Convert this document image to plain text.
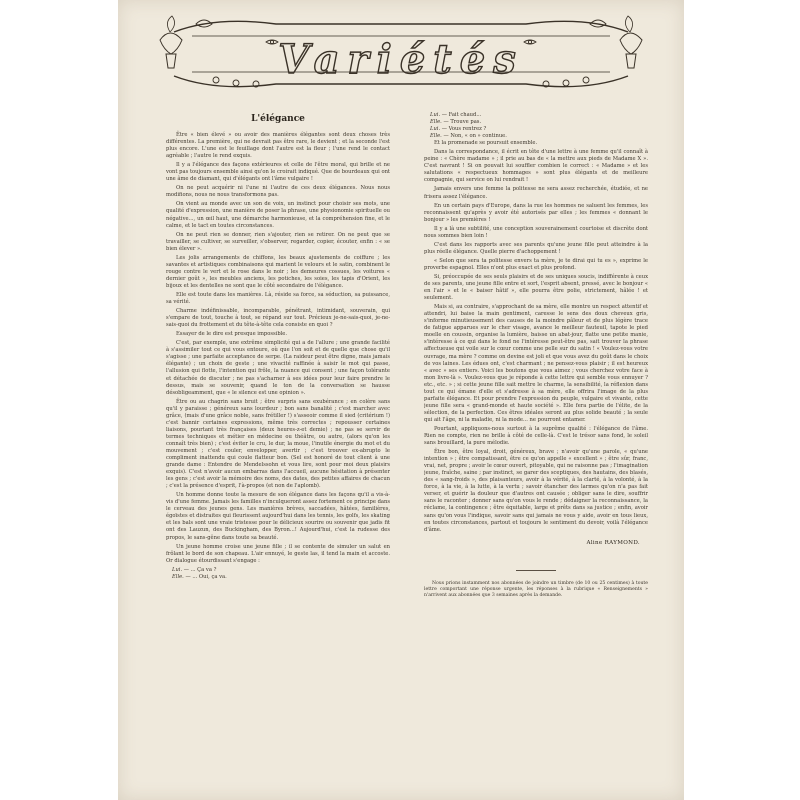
Variétés
L'élégance
Être « bien élevé » ou avoir des manières élégantes sont deux choses très différentes. La première, qui ne devrait pas être rare, le devient ; et la seconde l'est plus encore. L'une est le feuillage dont l'autre est la fleur ; l'une rend le contact agréable ; l'autre le rend exquis.
Il y a l'élégance des façons extérieures et celle de l'être moral, qui brille et ne vont pas toujours ensemble ainsi qu'on le croirait indiqué. Que de bourdeaux qui ont une âme de diamant, qui d'élégants ont l'âme vulgaire !
On ne peut acquérir ni l'une ni l'autre de ces deux élégances. Nous nous modifions, nous ne nous transformons pas.
On vient au monde avec un son de voix, un instinct pour choisir ses mots, une qualité d'expression, une manière de poser la phrase, une physionomie spirituelle ou négative..., un œil haut, une démarche harmonieuse, et la compréhension fine, et le calme, et le tact en toutes circonstances.
On ne peut rien se donner, rien s'ajouter, rien se retirer. On ne peut que se travailler, se cultiver, se surveiller, s'observer, regarder, copier, écouter, enfin : « se bien élever ».
Les jolis arrangements de chiffons, les beaux ajustements de coiffure ; les savantes et artistiques combinaisons qui marient le velours et le satin, combinent le rouge contre le vert et le rose dans le noir ; les demeures cossues, les voitures « dernier goût », les meubles anciens, les potiches, les soies, les tapis d'Orient, les bijoux et les dentelles ne sont que le côté secondaire de l'élégance.
Elle est toute dans les manières. Là, réside sa force, sa séduction, sa puissance, sa vérité.
Charme indéfinissable, incomparable, pénétrant, intimidant, souverain, qui s'empare de tout, touche à tout, se répand sur tout. Précieux je-ne-sais-quoi, je-ne-sais-quoi du frottement et du tête-à-tête cela consiste en quoi ?
Essayer de le dire est presque impossible.
C'est, par exemple, une extrême simplicité qui a de l'allure ; une grande facilité à s'assimiler tout ce qui vous entoure, où que l'on soit et de quelle que chose qu'il s'agisse ; une parfaite acceptance de serpe. (La raideur peut être digne, mais jamais élégante) ; un choix de geste ; une vivacité raffinée à saisir le mot qui passe, l'allusion qui flotte, l'intention qui frôle, la nuance qui consent ; une façon tolérante et détachée de discuter ; ne pas s'acharner à ses idées pour leur faire prendre le dessus, mais se souvenir, quand le ton de la conversation se hausse désobligeamment, que « le silence est une opinion ».
Être ou au chagrin sans bruit ; être surpris sans exubérance ; en colère sans qu'il y paraisse ; généreux sans lourdeur ; bon sans banalité ; c'est marcher avec grâce, (mais d'une grâce noble, sans frétiller !) s'asseoir comme il sied (critérium !) c'est bannir certaines expressions, même très correctes ; repousser certaines liaisons, pourtant très françaises (deux heures-z-et demie) ; ne pas se servir de termes techniques et métier en médecine ou théâtre, ou autre, (alors qu'on les connaît très bien) ; c'est éviter le cru, le dur, la moue, l'inutile énergie du mot et du mouvement ; c'est couler, envelopper, avertir ; c'est trouver ex-abrupto le compliment inattendu qui coule flatteur bon. (Sel est honoré de tout client à une grande dame : Entendre de Mendelssohn et vous lire, sont pour moi deux plaisirs exquis). C'est n'avoir aucun embarras dans l'accueil, aucune hésitation à présenter les gens ; c'est avoir la mémoire des noms, des dates, des petites affaires de chacun ; c'est la présence d'esprit, l'à-propos (et non de l'aplomb).
Un homme donne toute la mesure de son élégance dans les façons qu'il a vis-à-vis d'une femme. Jamais les familles n'inculqueront assez fortement ce principe dans le cerveau des jeunes gens. Les manières brèves, saccadées, hâtées, familières, égoïstes et distraites qui fleurissent aujourd'hui dans les tennis, les golfs, les skating et les bals sont une vraie tristesse pour le délicieux sourire ou souvenir que jadis fit ont des Lauzun, des Buckingham, des Byron...! Aujourd'hui, c'est la rudesse des propos, le sans-gêne dans toute sa beauté.
Un jeune homme croise une jeune fille ; il se contente de simuler un salut en frôlant le bord de son chapeau. L'air ennuyé, le geste las, il tend la main et accoste. Or dialogue étourdissant s'engage :
Lui. — ... Ça va ?
Elle. — ... Oui, ça va.
Lui. — Fait chaud...
Elle. — Trouve pas.
Lui. — Vous rentrez ?
Elle. — Non, « on » continue.
Et la promenade se poursuit ensemble.
Dans la correspondance, il écrit en tête d'une lettre à une femme qu'il connaît à peine : « Chère madame » ; il prie au bas de « la mettre aux pieds de Madame X ». C'est navrant ! Si on pouvait lui souffler combien le correct : « Madame » et les salutations « respectueux hommages » sont plus élégants et de meilleure compagnie, qui service on lui rendrait !
Jamais envers une femme la politesse ne sera assez recherchée, étudiée, et ne frisera assez l'élégance.
En un certain pays d'Europe, dans la rue les hommes ne saluent les femmes, les reconnaissent qu'après y avoir été autorisés par elles ; les femmes « donnant le bonjour » les premières !
Il y a là une subtilité, une conception souverainement courtoise et discrète dont nous sommes bien loin !
C'est dans les rapports avec ses parents qu'une jeune fille peut atteindre à la plus réelle élégance. Quelle pierre d'achoppement !
« Selon que sera ta politesse envers ta mère, je te dirai qui tu es », exprime le proverbe espagnol. Elles n'ont plus exact et plus profond.
Si, préoccupée de ses seuls plaisirs et de ses uniques soucis, indifférente à ceux de ses parents, une jeune fille entre et sort, l'esprit absent, pressé, avec le bonjour « en l'air » et le « baiser hâtif », elle pourra être polie, strictement, hâlée ! et seulement.
Mais si, au contraire, s'approchant de sa mère, elle montre un respect attentif et attendri, lui baise la main gentiment, caresse le sens des doux cheveux gris, s'informe minutieusement des causes de la moindre pâleur et de plus légère trace de fatigue apparues sur le cher visage, avance le meilleur fauteuil, tapote le pied moelle en coussin, organise la lumière, baisse un abat-jour, flatte une petite manie, s'intéresse à ce qui dans le fond ne l'intéresse peut-être pas, sait trouver la phrase affectueuse qui voile sur le cœur comme une pelle sur du satin ! « Voulez-vous votre ouvrage, ma mère ? comme on devine est joli et que vous avez du goût dans le choix de vos laines. Les édues ont, c'est charmant ; ne pensez-vous plaisir ; il est heureux « avec » ses entiers. Voici les boutons que vous aimez ; vous cherchez votre face à mon livre-là ». Voulez-vous que je réponde à cette lettre qui semble vous ennuyer ? etc., etc. » ; si cette jeune fille sait mettre le charme, la sensibilité, la réflexion dans tout ce qui émane d'elle et s'adresse à sa mère, elle offrira l'image de la plus parfaite élégance. Et pour prendre l'expression du peuple, vulgaire et vivante, cette jeune fille sera « grand-monde et haute société ». Elle fera partie de l'élite, de la sélection, de la perfection. Ces êtres idéales seront au plus solide beauté ; la seule qui ait l'âge, ni la maladie, ni la mode... ne pourront entamer.
Pourtant, appliquons-nous surtout à la suprême qualité : l'élégance de l'âme. Rien ne compte, rien ne brille à côté de celle-là. C'est le trésor sans fond, le soleil sans brouillard, la pure mélodie.
Être bon, être loyal, droit, généreux, brave ; n'avoir qu'une parole, « qu'une intention » ; être compatissant, être ce qu'on appelle « excellent » ; être sûr, franc, vrai, net, propre ; avoir le cœur ouvert, pitoyable, qui ne raisonne pas ; l'imagination jeune, fraîche, saine ; par instinct, se garer des sceptiques, des hautains, des blasés, des « sang-froids », des plaisanteurs, avoir à la vérité, à la clarté, à la volonté, à la force, à la vie, à la lutte, à la vertu ; savoir étancher des larmes qu'on n'a pas fait verser, et guérir la douleur que d'autres ont causée ; obliger sans le dire, souffrir sans le raconter ; donner sans qu'on vous le rende ; dédaigner la reconnaissance, la réclame, la contingence ; être équitable, large et prêts dans sa justice ; enfin, avoir sans qu'on vous l'indique, savoir sans qui jamais ne vous y aide, avoir en tous lieux, en toutes circonstances, partout et toujours le sentiment du devoir, voilà l'élégance d'âme.
Aline RAYMOND.
Nous prions instamment nos abonnées de joindre un timbre (de 10 ou 25 centimes) à toute lettre comportant une réponse urgente, les réponses à la rubrique « Renseignements » n'arrivent aux abonnées que 3 semaines après la demande.
